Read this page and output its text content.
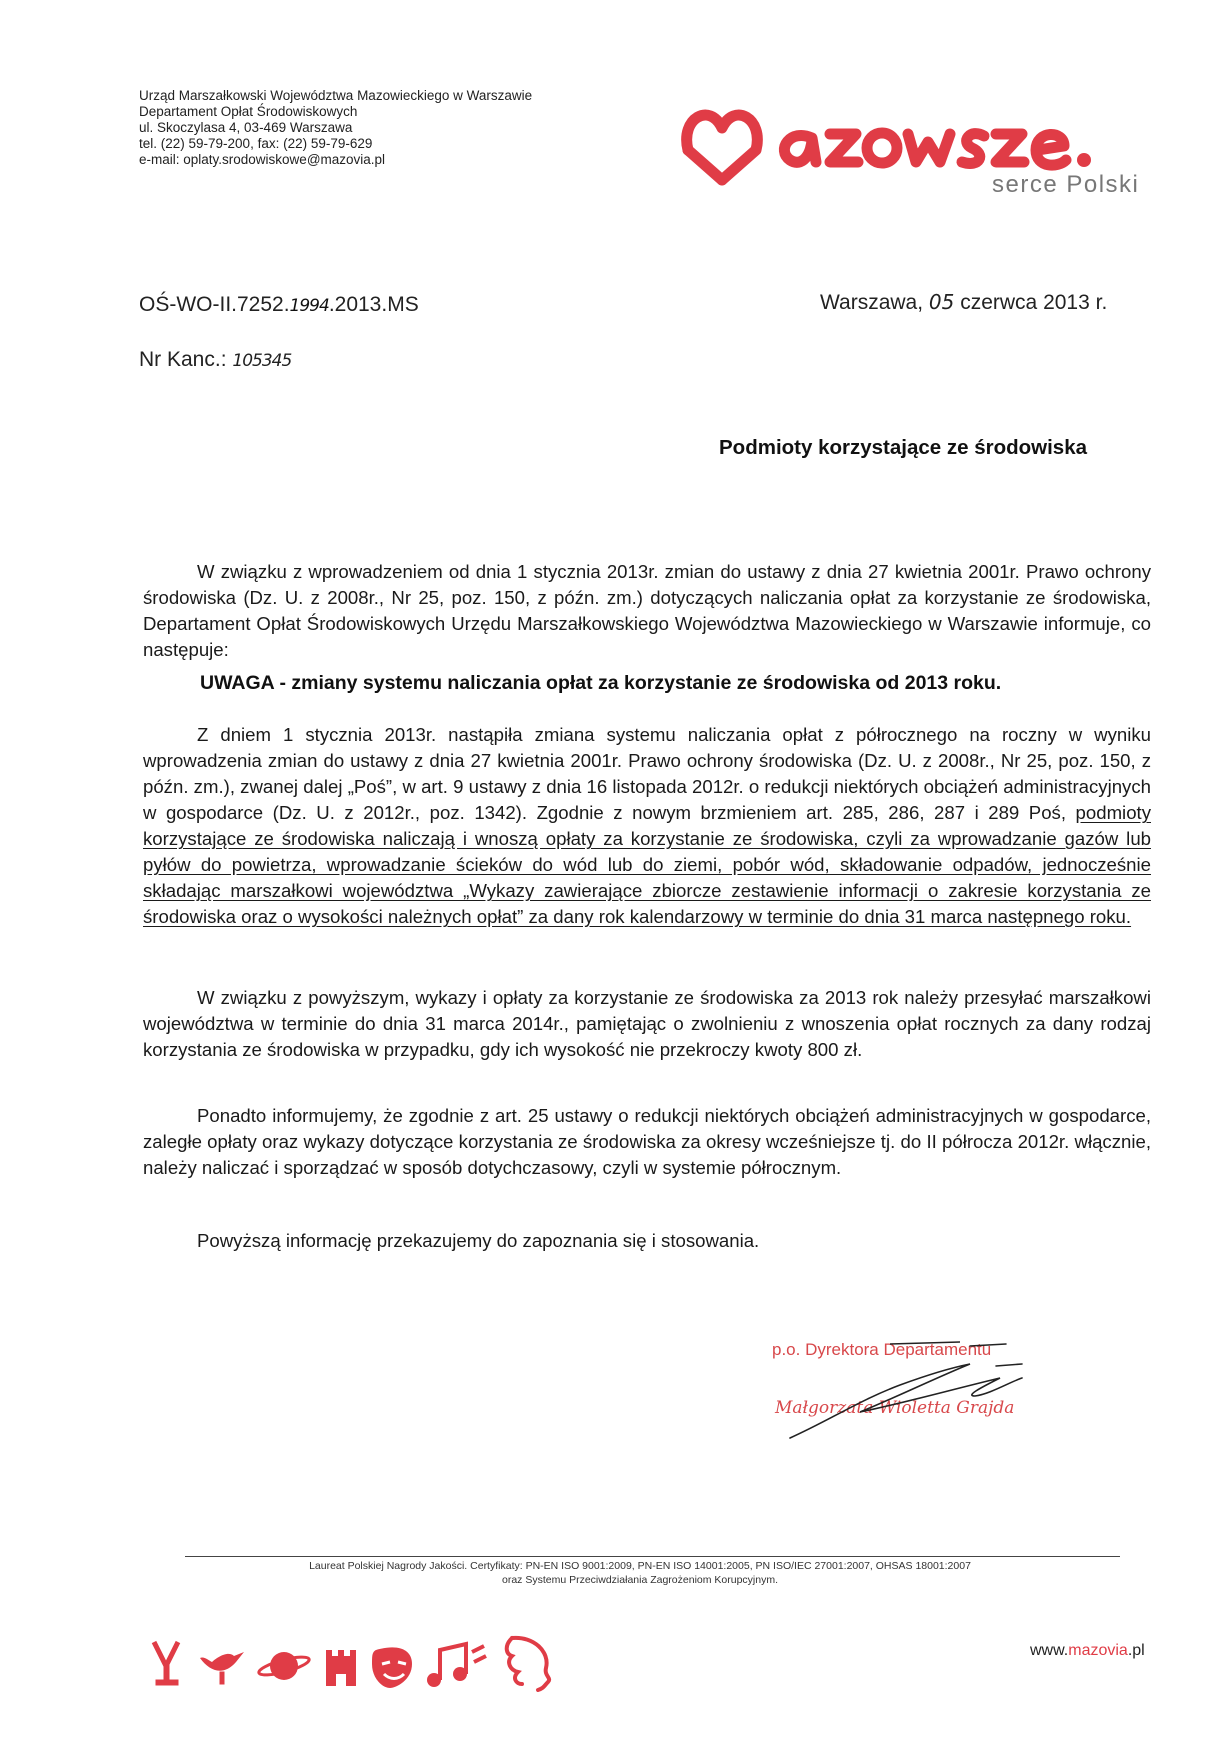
Urząd Marszałkowski Województwa Mazowieckiego w Warszawie
Departament Opłat Środowiskowych
ul. Skoczylasa 4, 03-469 Warszawa
tel. (22) 59-79-200, fax: (22) 59-79-629
e-mail: oplaty.srodowiskowe@mazovia.pl
serce Polski
OŚ-WO-II.7252.1994.2013.MS	Warszawa, 05 czerwca 2013 r.
Nr Kanc.: 105345
Podmioty korzystające ze środowiska

W związku z wprowadzeniem od dnia 1 stycznia 2013r. zmian do ustawy z dnia 27 kwietnia 2001r. Prawo ochrony środowiska (Dz. U. z 2008r., Nr 25, poz. 150, z późn. zm.) dotyczących naliczania opłat za korzystanie ze środowiska, Departament Opłat Środowiskowych Urzędu Marszałkowskiego Województwa Mazowieckiego w Warszawie informuje, co następuje:

UWAGA - zmiany systemu naliczania opłat za korzystanie ze środowiska od 2013 roku.

Z dniem 1 stycznia 2013r. nastąpiła zmiana systemu naliczania opłat z półrocznego na roczny w wyniku wprowadzenia zmian do ustawy z dnia 27 kwietnia 2001r. Prawo ochrony środowiska (Dz. U. z 2008r., Nr 25, poz. 150, z późn. zm.), zwanej dalej „Poś”, w art. 9 ustawy z dnia 16 listopada 2012r. o redukcji niektórych obciążeń administracyjnych w gospodarce (Dz. U. z 2012r., poz. 1342). Zgodnie z nowym brzmieniem art. 285, 286, 287 i 289 Poś, podmioty korzystające ze środowiska naliczają i wnoszą opłaty za korzystanie ze środowiska, czyli za wprowadzanie gazów lub pyłów do powietrza, wprowadzanie ścieków do wód lub do ziemi, pobór wód, składowanie odpadów, jednocześnie składając marszałkowi województwa „Wykazy zawierające zbiorcze zestawienie informacji o zakresie korzystania ze środowiska oraz o wysokości należnych opłat” za dany rok kalendarzowy w terminie do dnia 31 marca następnego roku.

W związku z powyższym, wykazy i opłaty za korzystanie ze środowiska za 2013 rok należy przesyłać marszałkowi województwa w terminie do dnia 31 marca 2014r., pamiętając o zwolnieniu z wnoszenia opłat rocznych za dany rodzaj korzystania ze środowiska w przypadku, gdy ich wysokość nie przekroczy kwoty 800 zł.

Ponadto informujemy, że zgodnie z art. 25 ustawy o redukcji niektórych obciążeń administracyjnych w gospodarce, zaległe opłaty oraz wykazy dotyczące korzystania ze środowiska za okresy wcześniejsze tj. do II półrocza 2012r. włącznie, należy naliczać i sporządzać w sposób dotychczasowy, czyli w systemie półrocznym.

Powyższą informację przekazujemy do zapoznania się i stosowania.

p.o. Dyrektora Departamentu
Małgorzata Wioletta Grajda
Laureat Polskiej Nagrody Jakości. Certyfikaty: PN-EN ISO 9001:2009, PN-EN ISO 14001:2005, PN ISO/IEC 27001:2007, OHSAS 18001:2007
oraz Systemu Przeciwdziałania Zagrożeniom Korupcyjnym.
www.mazovia.pl
